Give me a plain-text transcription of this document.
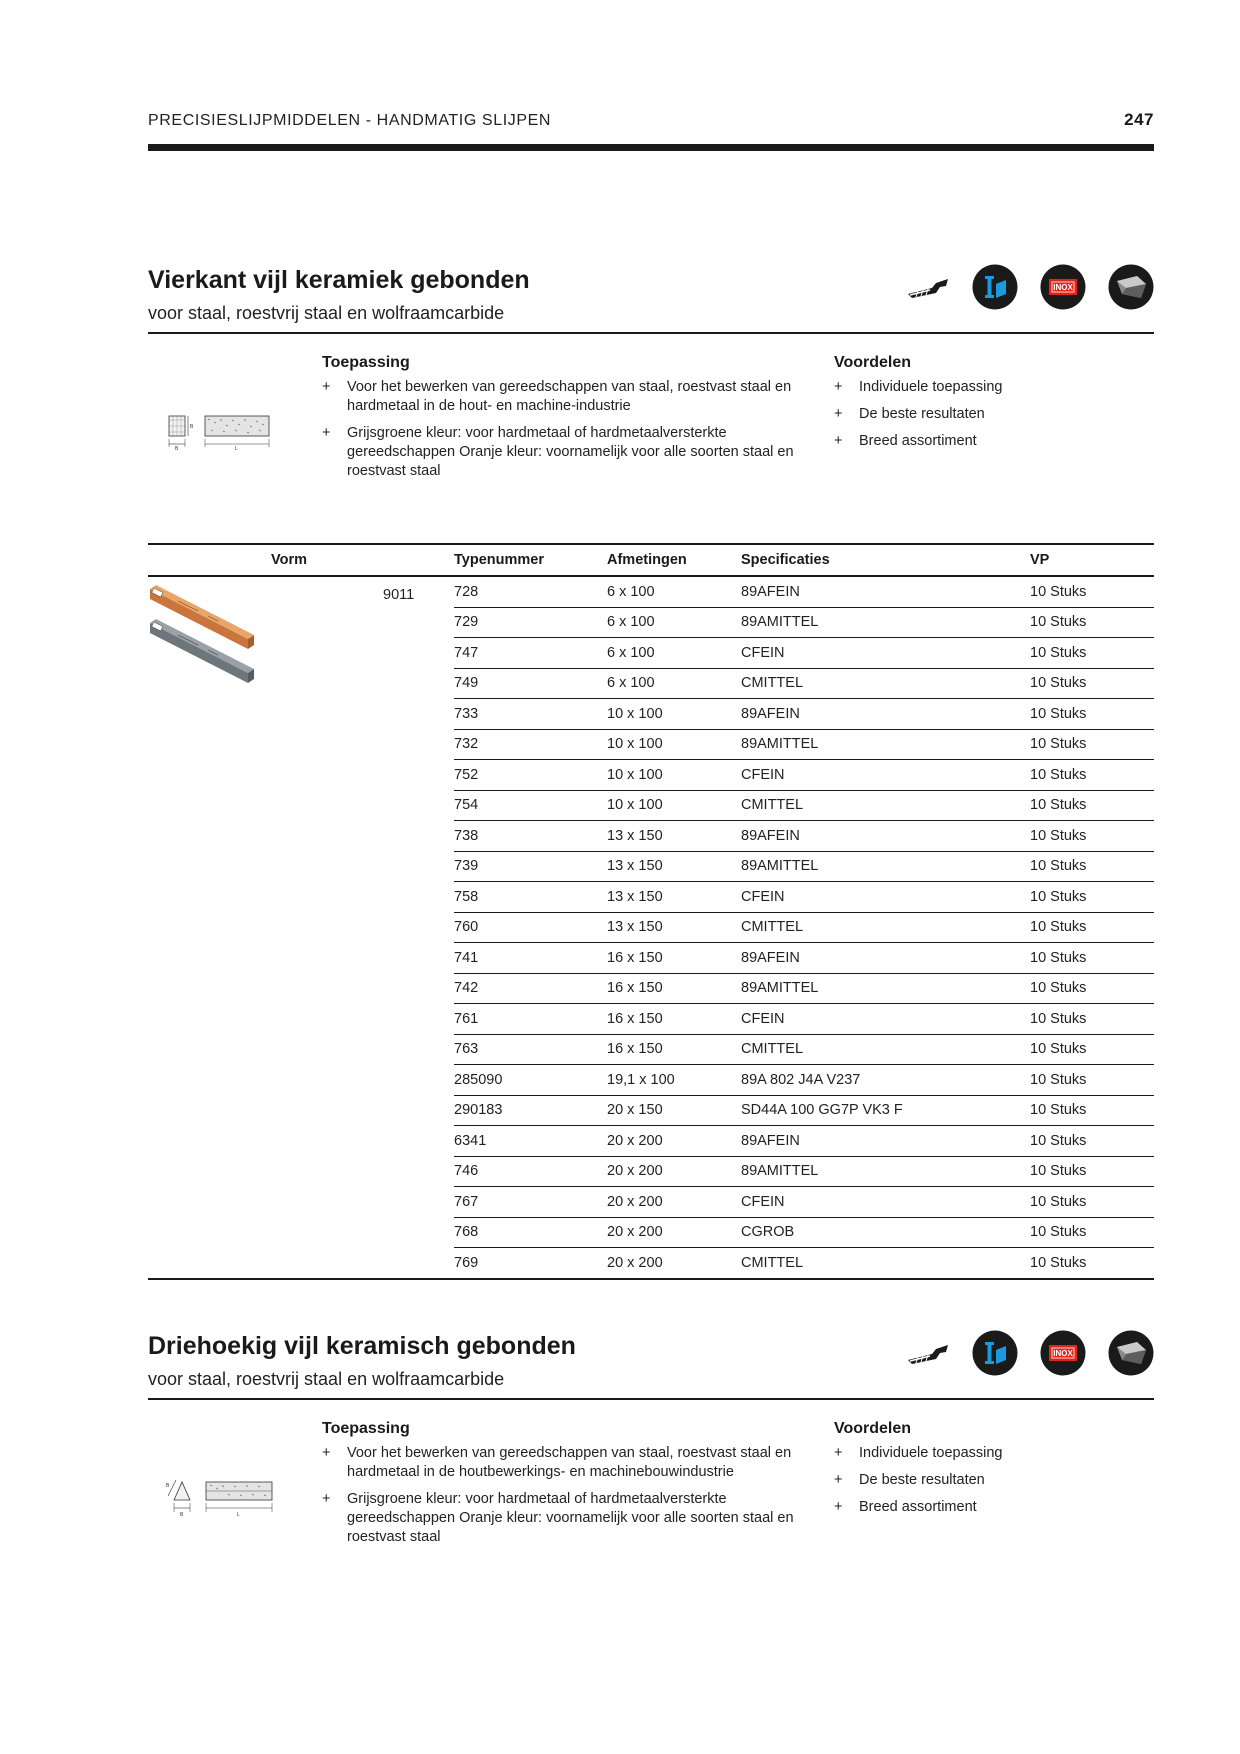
PRECISIESLIJPMIDDELEN - HANDMATIG SLIJPEN	247
Vierkant vijl keramiek gebonden
voor staal, roestvrij staal en wolfraamcarbide
INOX
B
B	L
Toepassing
+ Voor het bewerken van gereedschappen van staal, roestvast staal en hardmetaal in de hout- en machine-industrie
+ Grijsgroene kleur: voor hardmetaal of hardmetaalversterkte gereedschappen Oranje kleur: voornamelijk voor alle soorten staal en roestvast staal
Voordelen
+ Individuele toepassing
+ De beste resultaten
+ Breed assortiment
Vorm	Typenummer	Afmetingen	Specificaties	VP

9011	728	6 x 100	89AFEIN	10 Stuks
	729	6 x 100	89AMITTEL	10 Stuks
	747	6 x 100	CFEIN	10 Stuks
	749	6 x 100	CMITTEL	10 Stuks
	733	10 x 100	89AFEIN	10 Stuks
	732	10 x 100	89AMITTEL	10 Stuks
	752	10 x 100	CFEIN	10 Stuks
	754	10 x 100	CMITTEL	10 Stuks
	738	13 x 150	89AFEIN	10 Stuks
	739	13 x 150	89AMITTEL	10 Stuks
	758	13 x 150	CFEIN	10 Stuks
	760	13 x 150	CMITTEL	10 Stuks
	741	16 x 150	89AFEIN	10 Stuks
	742	16 x 150	89AMITTEL	10 Stuks
	761	16 x 150	CFEIN	10 Stuks
	763	16 x 150	CMITTEL	10 Stuks
	285090	19,1 x 100	89A 802 J4A V237	10 Stuks
	290183	20 x 150	SD44A 100 GG7P VK3 F	10 Stuks
	6341	20 x 200	89AFEIN	10 Stuks
	746	20 x 200	89AMITTEL	10 Stuks
	767	20 x 200	CFEIN	10 Stuks
	768	20 x 200	CGROB	10 Stuks
	769	20 x 200	CMITTEL	10 Stuks
Driehoekig vijl keramisch gebonden
voor staal, roestvrij staal en wolfraamcarbide
INOX
B
B	L
Toepassing
+ Voor het bewerken van gereedschappen van staal, roestvast staal en hardmetaal in de houtbewerkings- en machinebouwindustrie
+ Grijsgroene kleur: voor hardmetaal of hardmetaalversterkte gereedschappen Oranje kleur: voornamelijk voor alle soorten staal en roestvast staal
Voordelen
+ Individuele toepassing
+ De beste resultaten
+ Breed assortiment
